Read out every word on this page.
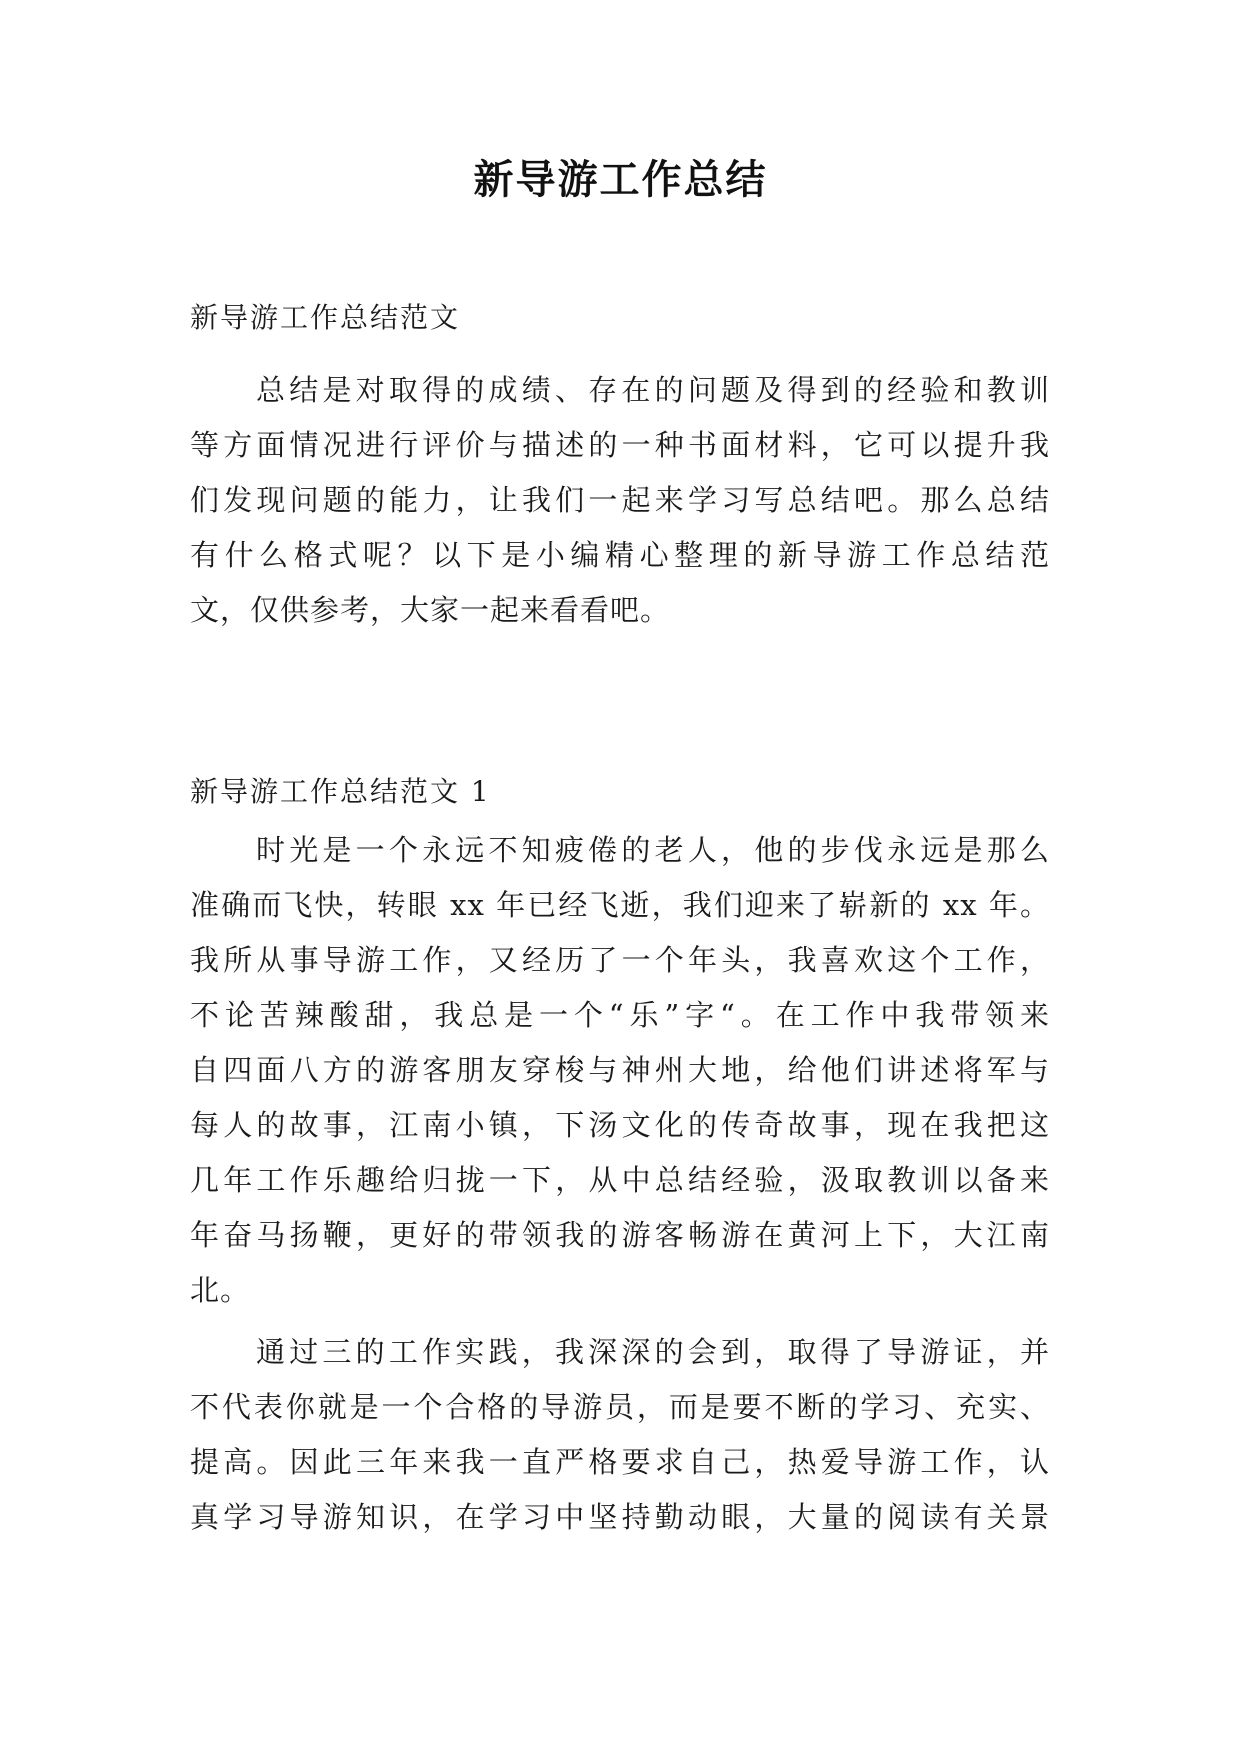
新导游工作总结
新导游工作总结范文
总结是对取得的成绩、存在的问题及得到的经验和教训
等方面情况进行评价与描述的一种书面材料，它可以提升我
们发现问题的能力，让我们一起来学习写总结吧。那么总结
有什么格式呢？以下是小编精心整理的新导游工作总结范
文，仅供参考，大家一起来看看吧。
新导游工作总结范文 1
时光是一个永远不知疲倦的老人，他的步伐永远是那么
准确而飞快，转眼 xx 年已经飞逝，我们迎来了崭新的 xx 年。
我所从事导游工作，又经历了一个年头，我喜欢这个工作，
不论苦辣酸甜，我总是一个“乐”字“。在工作中我带领来
自四面八方的游客朋友穿梭与神州大地，给他们讲述将军与
每人的故事，江南小镇，下汤文化的传奇故事，现在我把这
几年工作乐趣给归拢一下，从中总结经验，汲取教训以备来
年奋马扬鞭，更好的带领我的游客畅游在黄河上下，大江南
北。
通过三的工作实践，我深深的会到，取得了导游证，并
不代表你就是一个合格的导游员，而是要不断的学习、充实、
提高。因此三年来我一直严格要求自己，热爱导游工作，认
真学习导游知识，在学习中坚持勤动眼，大量的阅读有关景
